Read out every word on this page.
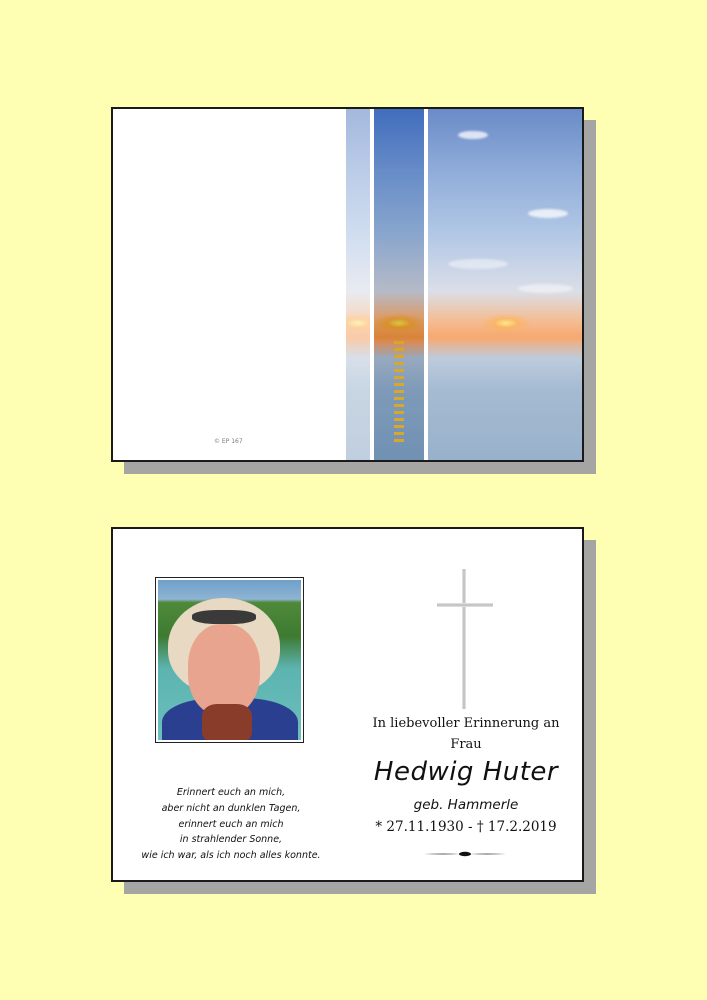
© EP 167
Erinnert euch an mich,
aber nicht an dunklen Tagen,
erinnert euch an mich
in strahlender Sonne,
wie ich war, als ich noch alles konnte.
In liebevoller Erinnerung an
Frau
Hedwig Huter
geb. Hammerle
* 27.11.1930 - † 17.2.2019
